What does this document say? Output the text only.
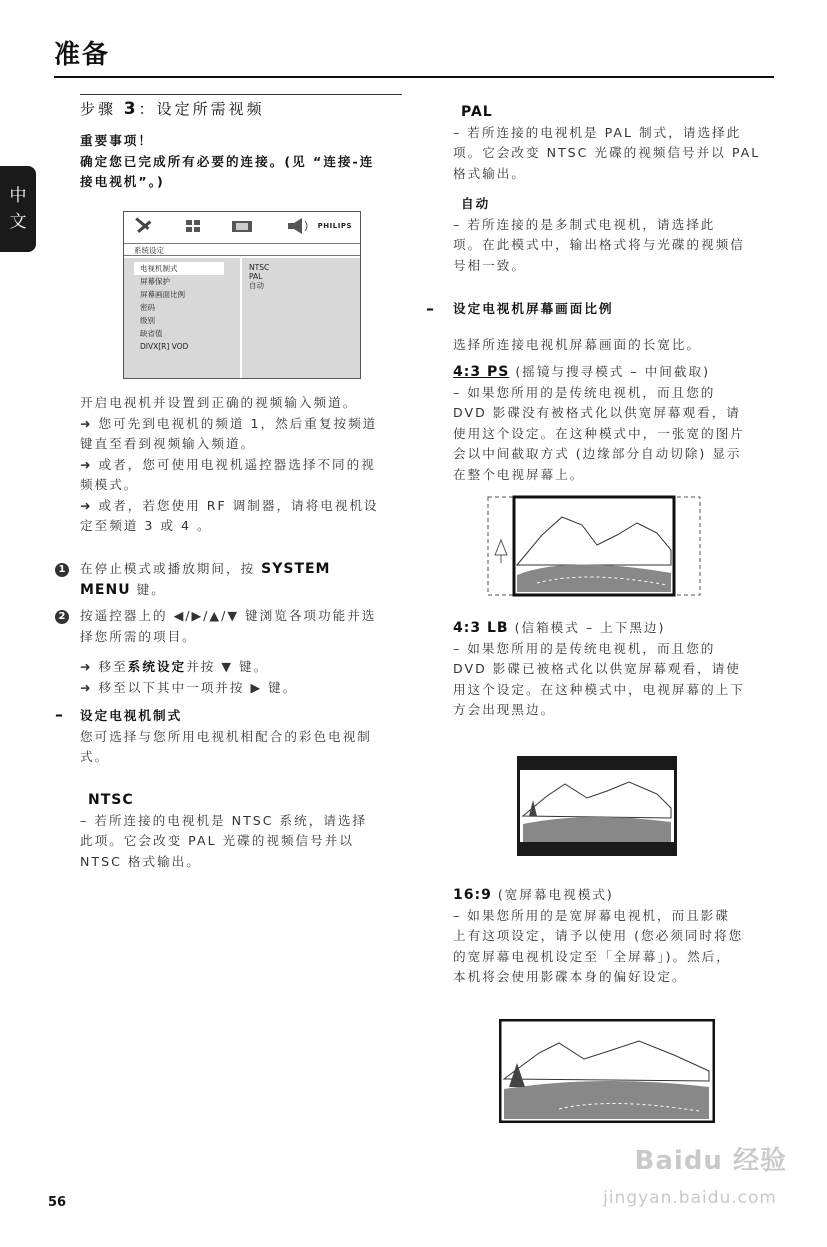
准备
中
文
步骤 3：设定所需视频
重要事项！
确定您已完成所有必要的连接。(见 “连接-连
接电视机”。)
PHILIPS
系统设定
电视机制式
屏幕保护
屏幕画面比例
密码
级别
缺省值
DIVX[R] VOD
NTSC
PAL
自动
开启电视机并设置到正确的视频输入频道。
➜ 您可先到电视机的频道 1，然后重复按频道
键直至看到视频输入频道。
➜ 或者，您可使用电视机遥控器选择不同的视
频模式。
➜ 或者，若您使用 RF 调制器，请将电视机设
定至频道 3 或 4 。
1 在停止模式或播放期间，按 SYSTEM
MENU 键。
2 按遥控器上的 ◀/▶/▲/▼ 键浏览各项功能并选
择您所需的项目。
➜ 移至系统设定并按 ▼ 键。
➜ 移至以下其中一项并按 ▶ 键。
– 设定电视机制式
您可选择与您所用电视机相配合的彩色电视制
式。
NTSC
– 若所连接的电视机是 NTSC 系统，请选择
此项。它会改变 PAL 光碟的视频信号并以
NTSC 格式输出。
PAL
– 若所连接的电视机是 PAL 制式，请选择此
项。它会改变 NTSC 光碟的视频信号并以 PAL
格式输出。
自动
– 若所连接的是多制式电视机，请选择此
项。在此模式中，输出格式将与光碟的视频信
号相一致。
– 设定电视机屏幕画面比例
选择所连接电视机屏幕画面的长宽比。
4:3 PS (摇镜与搜寻模式 – 中间截取)
– 如果您所用的是传统电视机，而且您的
DVD 影碟没有被格式化以供宽屏幕观看，请
使用这个设定。在这种模式中，一张宽的图片
会以中间截取方式 (边缘部分自动切除) 显示
在整个电视屏幕上。
4:3 LB (信箱模式 – 上下黑边)
– 如果您所用的是传统电视机，而且您的
DVD 影碟已被格式化以供宽屏幕观看，请使
用这个设定。在这种模式中，电视屏幕的上下
方会出现黑边。
16:9 (宽屏幕电视模式)
– 如果您所用的是宽屏幕电视机，而且影碟
上有这项设定，请予以使用 (您必须同时将您
的宽屏幕电视机设定至「全屏幕」)。然后，
本机将会使用影碟本身的偏好设定。
56
Baidu 经验
jingyan.baidu.com
